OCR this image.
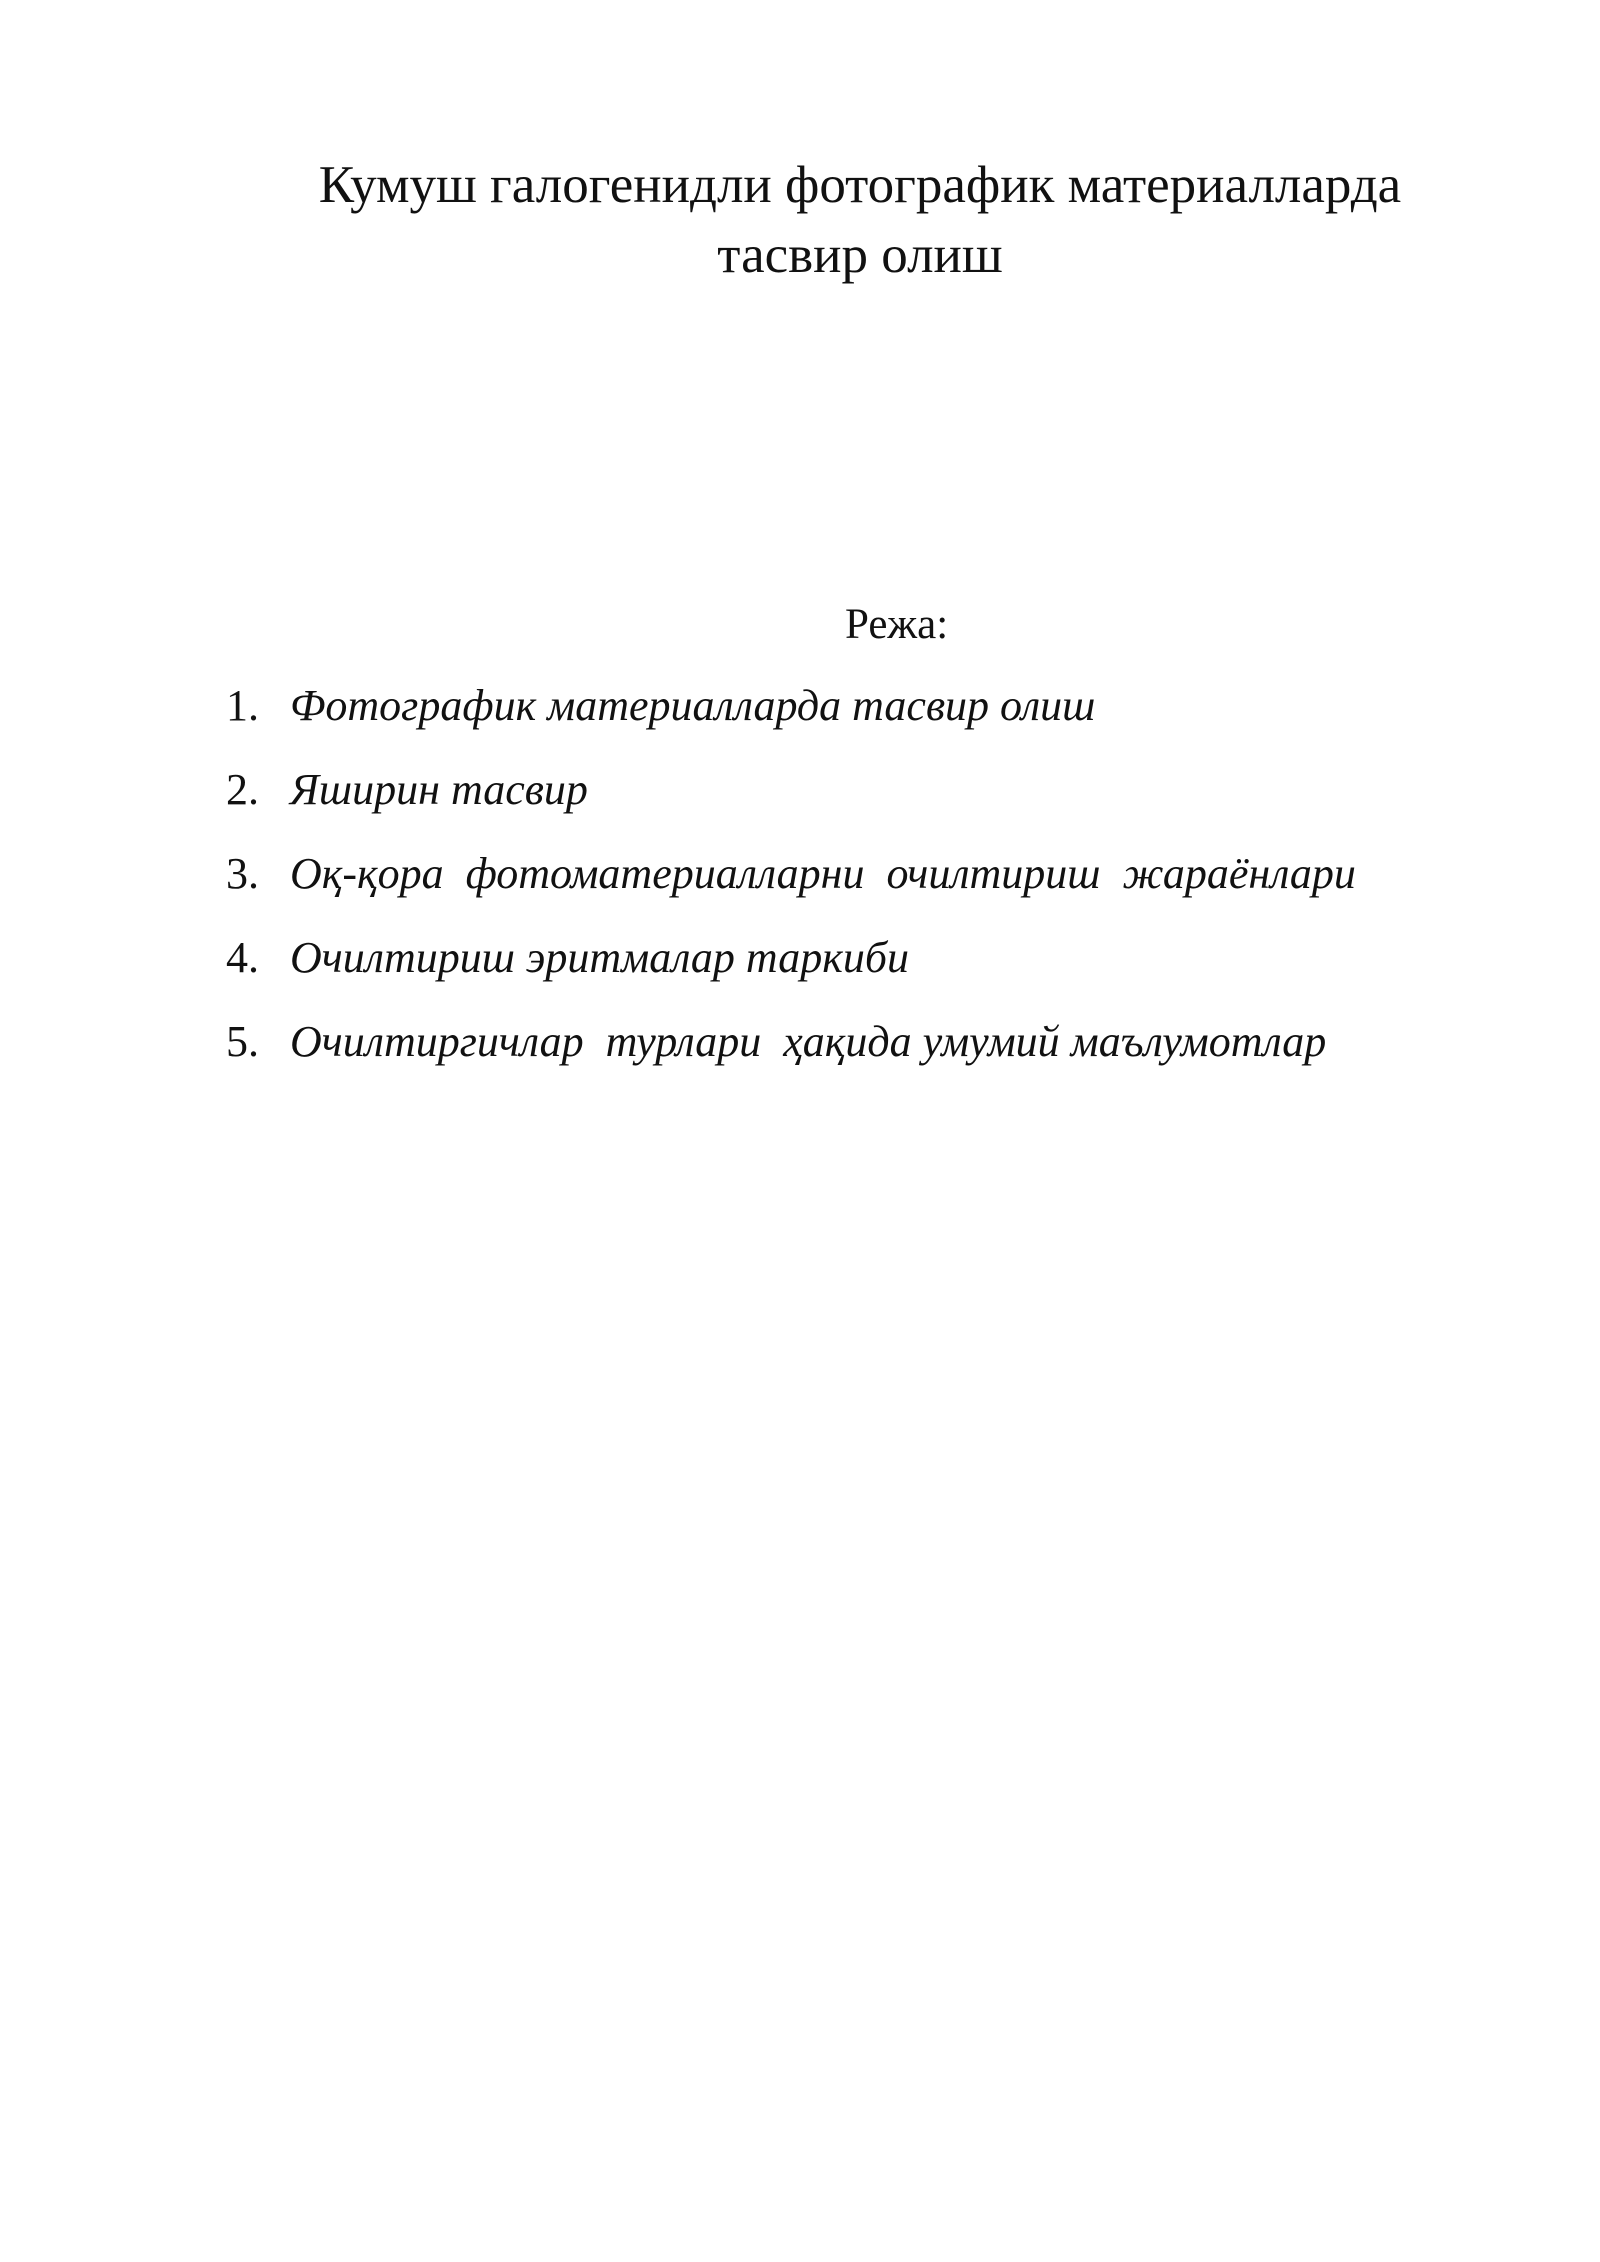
Кумуш галогенидли фотографик материалларда
тасвир олиш
Режа:
1. Фотографик материалларда тасвир олиш
2. Яширин тасвир
3. Оқ-қора  фотоматериалларни  очилтириш  жараёнлари
4. Очилтириш эритмалар таркиби
5. Очилтиргичлар  турлари  ҳақида умумий маълумотлар
